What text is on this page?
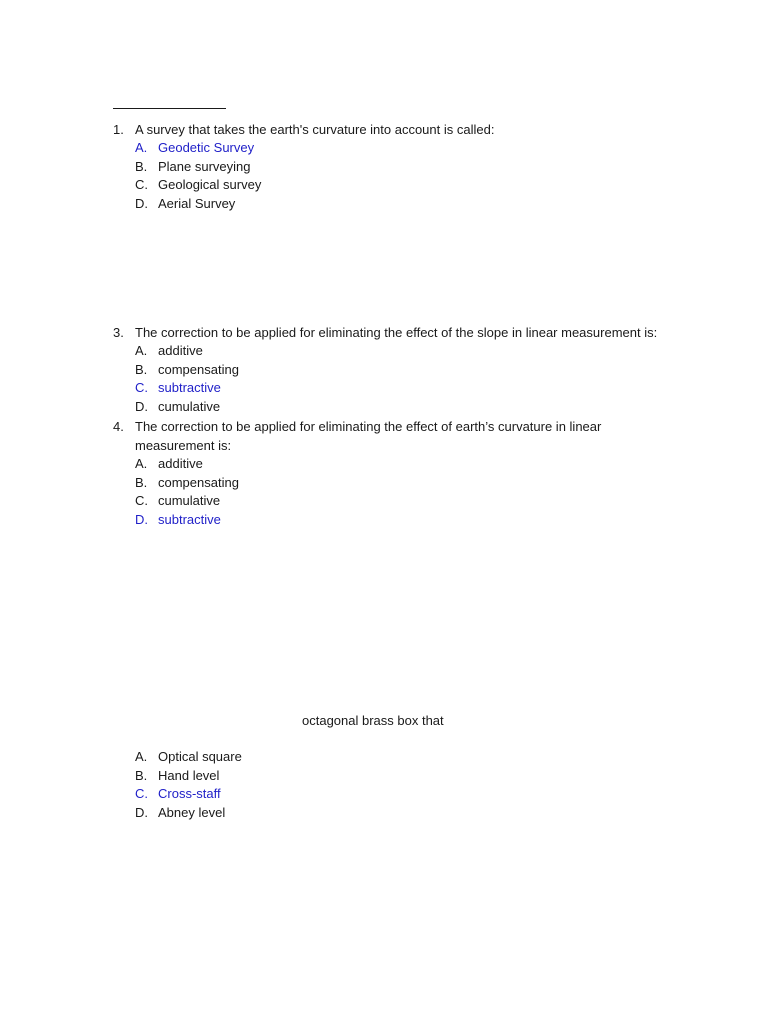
1. A survey that takes the earth's curvature into account is called:
A. Geodetic Survey
B. Plane surveying
C. Geological survey
D. Aerial Survey
3. The correction to be applied for eliminating the effect of the slope in linear measurement is:
A. additive
B. compensating
C. subtractive
D. cumulative
4. The correction to be applied for eliminating the effect of earth’s curvature in linear measurement is:
A. additive
B. compensating
C. cumulative
D. subtractive
octagonal brass box that
A. Optical square
B. Hand level
C. Cross-staff
D. Abney level
